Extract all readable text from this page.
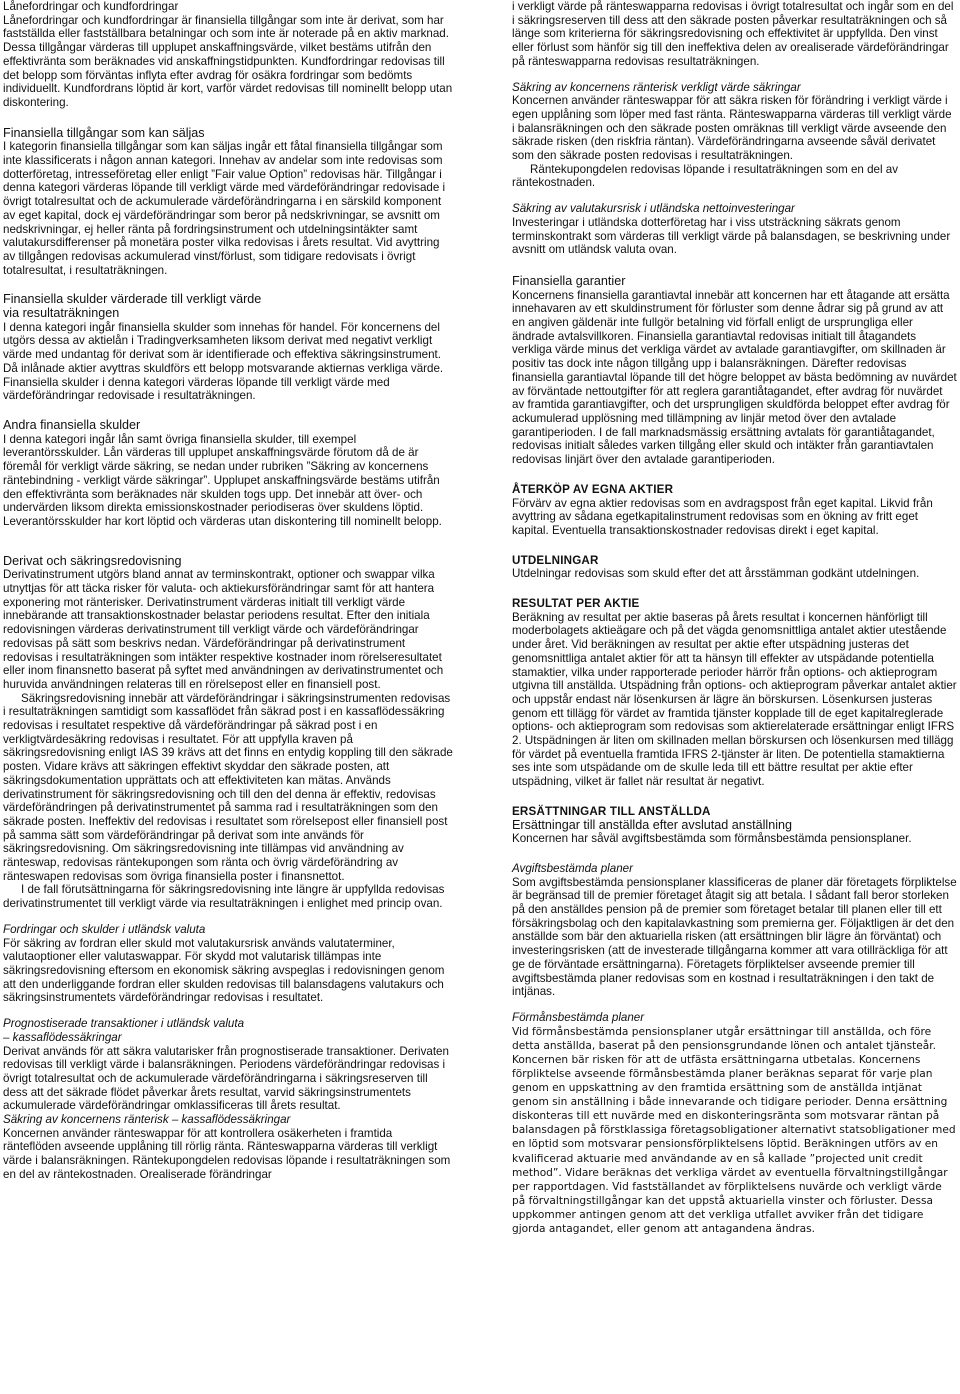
Lånefordringar och kundfordringar

Lånefordringar och kundfordringar är finansiella tillgångar som inte är derivat, som har fastställda eller fastställbara betalningar och som inte är noterade på en aktiv marknad. Dessa tillgångar värderas till upplupet anskaffningsvärde, vilket bestäms utifrån den effektivränta som beräknades vid anskaffningstidpunkten. Kundfordringar redovisas till det belopp som förväntas inflyta efter avdrag för osäkra fordringar som bedömts individuellt. Kundfordrans löptid är kort, varför värdet redovisas till nominellt belopp utan diskontering.

Finansiella tillgångar som kan säljas

I kategorin finansiella tillgångar som kan säljas ingår ett fåtal finansiella tillgångar som inte klassificerats i någon annan kategori. Innehav av andelar som inte redovisas som dotterföretag, intresseföretag eller enligt ”Fair value Option” redovisas här. Tillgångar i denna kategori värderas löpande till verkligt värde med värdeförändringar redovisade i övrigt totalresultat och de ackumulerade värdeförändringarna i en särskild komponent av eget kapital, dock ej värdeförändringar som beror på nedskrivningar, se avsnitt om nedskrivningar, ej heller ränta på fordringsinstrument och utdelningsintäkter samt valutakursdifferenser på monetära poster vilka redovisas i årets resultat. Vid avyttring av tillgången redovisas ackumulerad vinst/förlust, som tidigare redovisats i övrigt totalresultat, i resultaträkningen.

Finansiella skulder värderade till verkligt värde
via resultaträkningen

I denna kategori ingår finansiella skulder som innehas för handel. För koncernens del utgörs dessa av aktielån i Tradingverksamheten liksom derivat med negativt verkligt värde med undantag för derivat som är identifierade och effektiva säkringsinstrument. Då inlånade aktier avyttras skuldförs ett belopp motsvarande aktiernas verkliga värde. Finansiella skulder i denna kategori värderas löpande till verkligt värde med värdeförändringar redovisade i resultaträkningen.

Andra finansiella skulder

I denna kategori ingår lån samt övriga finansiella skulder, till exempel leverantörsskulder. Lån värderas till upplupet anskaffningsvärde förutom då de är föremål för verkligt värde säkring, se nedan under rubriken ”Säkring av koncernens räntebindning - verkligt värde säkringar”. Upplupet anskaffningsvärde bestäms utifrån den effektivränta som beräknades när skulden togs upp. Det innebär att över- och undervärden liksom direkta emissionskostnader periodiseras över skuldens löptid. Leverantörsskulder har kort löptid och värderas utan diskontering till nominellt belopp.

Derivat och säkringsredovisning

Derivatinstrument utgörs bland annat av terminskontrakt, optioner och swappar vilka utnyttjas för att täcka risker för valuta- och aktiekursförändringar samt för att hantera exponering mot ränterisker. Derivatinstrument värderas initialt till verkligt värde innebärande att transaktionskostnader belastar periodens resultat. Efter den initiala redovisningen värderas derivatinstrument till verkligt värde och värdeförändringar redovisas på sätt som beskrivs nedan. Värdeförändringar på derivatinstrument redovisas i resultaträkningen som intäkter respektive kostnader inom rörelseresultatet eller inom finansnetto baserat på syftet med användningen av derivatinstrumentet och huruvida användningen relateras till en rörelsepost eller en finansiell post.

Säkringsredovisning innebär att värdeförändringar i säkringsinstrumenten redovisas i resultaträkningen samtidigt som kassaflödet från säkrad post i en kassaflödessäkring redovisas i resultatet respektive då värdeförändringar på säkrad post i en verkligtvärdesäkring redovisas i resultatet. För att uppfylla kraven på säkringsredovisning enligt IAS 39 krävs att det finns en entydig koppling till den säkrade posten. Vidare krävs att säkringen effektivt skyddar den säkrade posten, att säkringsdokumentation upprättats och att effektiviteten kan mätas. Används derivatinstrument för säkringsredovisning och till den del denna är effektiv, redovisas värdeförändringen på derivatinstrumentet på samma rad i resultaträkningen som den säkrade posten. Ineffektiv del redovisas i resultatet som rörelsepost eller finansiell post på samma sätt som värdeförändringar på derivat som inte används för säkringsredovisning. Om säkringsredovisning inte tillämpas vid användning av ränteswap, redovisas räntekupongen som ränta och övrig värdeförändring av ränteswapen redovisas som övriga finansiella poster i finansnettot.

I de fall förutsättningarna för säkringsredovisning inte längre är uppfyllda redovisas derivatinstrumentet till verkligt värde via resultaträkningen i enlighet med princip ovan.

Fordringar och skulder i utländsk valuta

För säkring av fordran eller skuld mot valutakursrisk används valutaterminer, valutaoptioner eller valutaswappar. För skydd mot valutarisk tillämpas inte säkringsredovisning eftersom en ekonomisk säkring avspeglas i redovisningen genom att den underliggande fordran eller skulden redovisas till balansdagens valutakurs och säkringsinstrumentets värdeförändringar redovisas i resultatet.

Prognostiserade transaktioner i utländsk valuta
– kassaflödessäkringar

Derivat används för att säkra valutarisker från prognostiserade transaktioner. Derivaten redovisas till verkligt värde i balansräkningen. Periodens värdeförändringar redovisas i övrigt totalresultat och de ackumulerade värdeförändringarna i säkringsreserven till dess att det säkrade flödet påverkar årets resultat, varvid säkringsinstrumentets ackumulerade värdeförändringar omklassificeras till årets resultat.

Säkring av koncernens ränterisk – kassaflödessäkringar

Koncernen använder ränteswappar för att kontrollera osäkerheten i framtida ränteflöden avseende upplåning till rörlig ränta. Ränteswapparna värderas till verkligt värde i balansräkningen. Räntekupongdelen redovisas löpande i resultaträkningen som en del av räntekostnaden. Orealiserade förändringar

i verkligt värde på ränteswapparna redovisas i övrigt totalresultat och ingår som en del i säkringsreserven till dess att den säkrade posten påverkar resultaträkningen och så länge som kriterierna för säkringsredovisning och effektivitet är uppfyllda. Den vinst eller förlust som hänför sig till den ineffektiva delen av orealiserade värdeförändringar på ränteswapparna redovisas resultaträkningen.

Säkring av koncernens ränterisk verkligt värde säkringar

Koncernen använder ränteswappar för att säkra risken för förändring i verkligt värde i egen upplåning som löper med fast ränta. Ränteswapparna värderas till verkligt värde i balansräkningen och den säkrade posten omräknas till verkligt värde avseende den säkrade risken (den riskfria räntan). Värdeförändringarna avseende såväl derivatet som den säkrade posten redovisas i resultaträkningen.

Räntekupongdelen redovisas löpande i resultaträkningen som en del av räntekostnaden.

Säkring av valutakursrisk i utländska nettoinvesteringar

Investeringar i utländska dotterföretag har i viss utsträckning säkrats genom terminskontrakt som värderas till verkligt värde på balansdagen, se beskrivning under avsnitt om utländsk valuta ovan.

Finansiella garantier

Koncernens finansiella garantiavtal innebär att koncernen har ett åtagande att ersätta innehavaren av ett skuldinstrument för förluster som denne ådrar sig på grund av att en angiven gäldenär inte fullgör betalning vid förfall enligt de ursprungliga eller ändrade avtalsvillkoren. Finansiella garantiavtal redovisas initialt till åtagandets verkliga värde minus det verkliga värdet av avtalade garantiavgifter, om skillnaden är positiv tas dock inte någon tillgång upp i balansräkningen. Därefter redovisas finansiella garantiavtal löpande till det högre beloppet av bästa bedömning av nuvärdet av förväntade nettoutgifter för att reglera garantiåtagandet, efter avdrag för nuvärdet av framtida garantiavgifter, och det ursprungligen skuldförda beloppet efter avdrag för ackumulerad upplösning med tillämpning av linjär metod över den avtalade garantiperioden. I de fall marknadsmässig ersättning avtalats för garantiåtagandet, redovisas initialt således varken tillgång eller skuld och intäkter från garantiavtalen redovisas linjärt över den avtalade garantiperioden.

ÅTERKÖP AV EGNA AKTIER

Förvärv av egna aktier redovisas som en avdragspost från eget kapital. Likvid från avyttring av sådana egetkapitalinstrument redovisas som en ökning av fritt eget kapital. Eventuella transaktionskostnader redovisas direkt i eget kapital.

UTDELNINGAR

Utdelningar redovisas som skuld efter det att årsstämman godkänt utdelningen.

RESULTAT PER AKTIE

Beräkning av resultat per aktie baseras på årets resultat i koncernen hänförligt till moderbolagets aktieägare och på det vägda genomsnittliga antalet aktier utestående under året. Vid beräkningen av resultat per aktie efter utspädning justeras det genomsnittliga antalet aktier för att ta hänsyn till effekter av utspädande potentiella stamaktier, vilka under rapporterade perioder härrör från options- och aktieprogram utgivna till anställda. Utspädning från options- och aktieprogram påverkar antalet aktier och uppstår endast när lösenkursen är lägre än börskursen. Lösenkursen justeras genom ett tillägg för värdet av framtida tjänster kopplade till de eget kapitalreglerade options- och aktieprogram som redovisas som aktierelaterade ersättningar enligt IFRS 2. Utspädningen är liten om skillnaden mellan börskursen och lösenkursen med tillägg för värdet på eventuella framtida IFRS 2-tjänster är liten. De potentiella stamaktierna ses inte som utspädande om de skulle leda till ett bättre resultat per aktie efter utspädning, vilket är fallet när resultat är negativt.

ERSÄTTNINGAR TILL ANSTÄLLDA
Ersättningar till anställda efter avslutad anställning

Koncernen har såväl avgiftsbestämda som förmånsbestämda pensionsplaner.

Avgiftsbestämda planer

Som avgiftsbestämda pensionsplaner klassificeras de planer där företagets förpliktelse är begränsad till de premier företaget åtagit sig att betala. I sådant fall beror storleken på den anställdes pension på de premier som företaget betalar till planen eller till ett försäkringsbolag och den kapitalavkastning som premierna ger. Följaktligen är det den anställde som bär den aktuariella risken (att ersättningen blir lägre än förväntat) och investeringsrisken (att de investerade tillgångarna kommer att vara otillräckliga för att ge de förväntade ersättningarna). Företagets förpliktelser avseende premier till avgiftsbestämda planer redovisas som en kostnad i resultaträkningen i den takt de intjänas.

Förmånsbestämda planer

Vid förmånsbestämda pensionsplaner utgår ersättningar till anställda, och före detta anställda, baserat på den pensionsgrundande lönen och antalet tjänsteår. Koncernen bär risken för att de utfästa ersättningarna utbetalas. Koncernens förpliktelse avseende förmånsbestämda planer beräknas separat för varje plan genom en uppskattning av den framtida ersättning som de anställda intjänat genom sin anställning i både innevarande och tidigare perioder. Denna ersättning diskonteras till ett nuvärde med en diskonteringsränta som motsvarar räntan på balansdagen på förstklassiga företagsobligationer alternativt statsobligationer med en löptid som motsvarar pensionsförpliktelsens löptid. Beräkningen utförs av en kvalificerad aktuarie med användande av en så kallade ”projected unit credit method”. Vidare beräknas det verkliga värdet av eventuella förvaltningstillgångar per rapportdagen. Vid fastställandet av förpliktelsens nuvärde och verkligt värde på förvaltningstillgångar kan det uppstå aktuariella vinster och förluster. Dessa uppkommer antingen genom att det verkliga utfallet avviker från det tidigare gjorda antagandet, eller genom att antagandena ändras.
